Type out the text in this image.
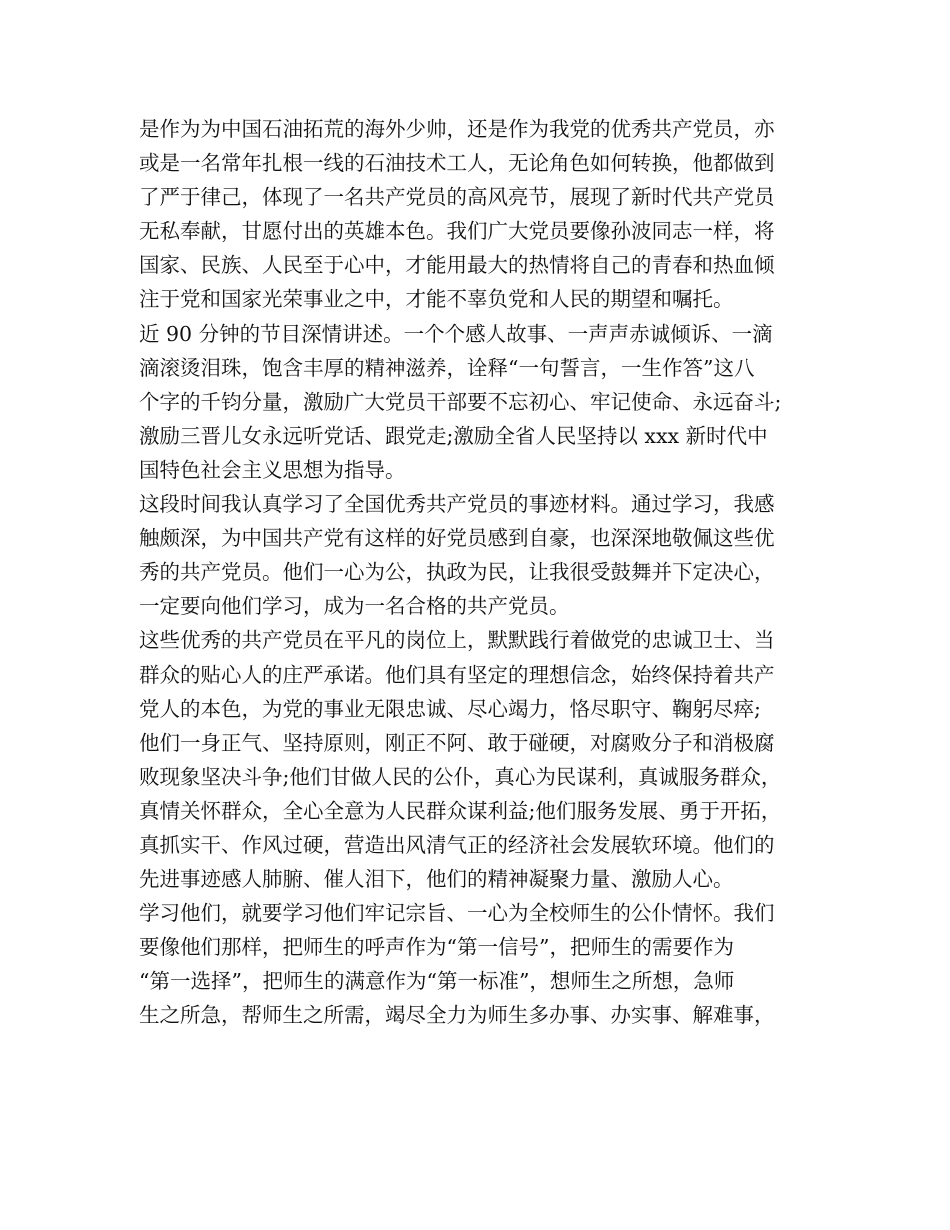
是作为为中国石油拓荒的海外少帅，还是作为我党的优秀共产党员，亦
或是一名常年扎根一线的石油技术工人，无论角色如何转换，他都做到
了严于律己，体现了一名共产党员的高风亮节，展现了新时代共产党员
无私奉献，甘愿付出的英雄本色。我们广大党员要像孙波同志一样，将
国家、民族、人民至于心中，才能用最大的热情将自己的青春和热血倾
注于党和国家光荣事业之中，才能不辜负党和人民的期望和嘱托。
近 90 分钟的节目深情讲述。一个个感人故事、一声声赤诚倾诉、一滴
滴滚烫泪珠，饱含丰厚的精神滋养，诠释“一句誓言，一生作答”这八
个字的千钧分量，激励广大党员干部要不忘初心、牢记使命、永远奋斗;
激励三晋儿女永远听党话、跟党走;激励全省人民坚持以 xxx 新时代中
国特色社会主义思想为指导。
这段时间我认真学习了全国优秀共产党员的事迹材料。通过学习，我感
触颇深，为中国共产党有这样的好党员感到自豪，也深深地敬佩这些优
秀的共产党员。他们一心为公，执政为民，让我很受鼓舞并下定决心，
一定要向他们学习，成为一名合格的共产党员。
这些优秀的共产党员在平凡的岗位上，默默践行着做党的忠诚卫士、当
群众的贴心人的庄严承诺。他们具有坚定的理想信念，始终保持着共产
党人的本色，为党的事业无限忠诚、尽心竭力，恪尽职守、鞠躬尽瘁;
他们一身正气、坚持原则，刚正不阿、敢于碰硬，对腐败分子和消极腐
败现象坚决斗争;他们甘做人民的公仆，真心为民谋利，真诚服务群众，
真情关怀群众，全心全意为人民群众谋利益;他们服务发展、勇于开拓，
真抓实干、作风过硬，营造出风清气正的经济社会发展软环境。他们的
先进事迹感人肺腑、催人泪下，他们的精神凝聚力量、激励人心。
学习他们，就要学习他们牢记宗旨、一心为全校师生的公仆情怀。我们
要像他们那样，把师生的呼声作为“第一信号”，把师生的需要作为
“第一选择”，把师生的满意作为“第一标准”，想师生之所想，急师
生之所急，帮师生之所需，竭尽全力为师生多办事、办实事、解难事，
